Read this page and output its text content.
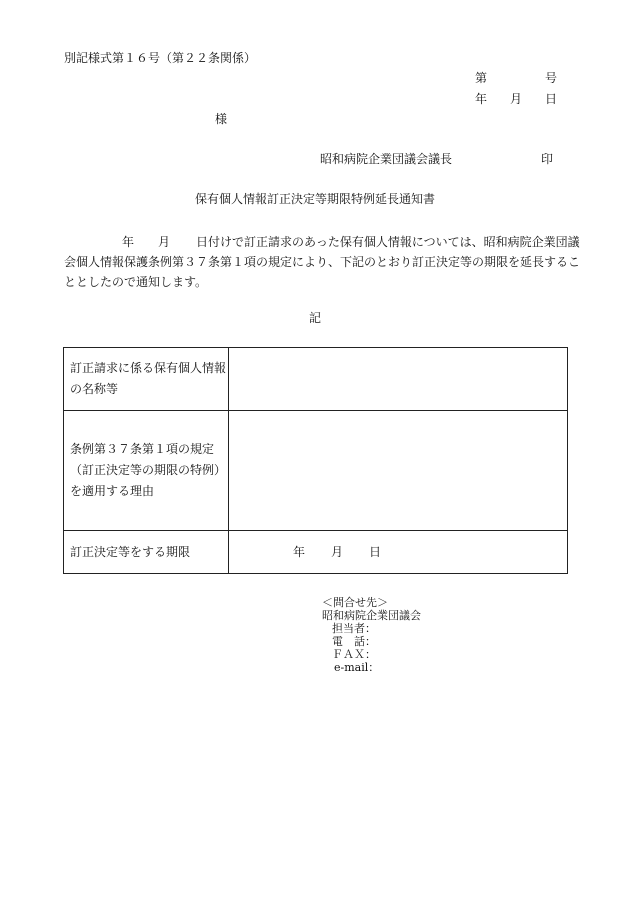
別記様式第１６号（第２２条関係）
第	号
年 月 日
様
昭和病院企業団議会議長	印
保有個人情報訂正決定等期限特例延長通知書
年 月 日付けで訂正請求のあった保有個人情報については、昭和病院企業団議
会個人情報保護条例第３７条第１項の規定により、下記のとおり訂正決定等の期限を延長するこ
ととしたので通知します。
記
訂正請求に係る保有個人情報
の名称等	

条例第３７条第１項の規定
（訂正決定等の期限の特例）
を適用する理由	

訂正決定等をする期限	年 月 日
＜問合せ先＞
昭和病院企業団議会
担当者：
電　話：
ＦＡＸ：
e-mail：
